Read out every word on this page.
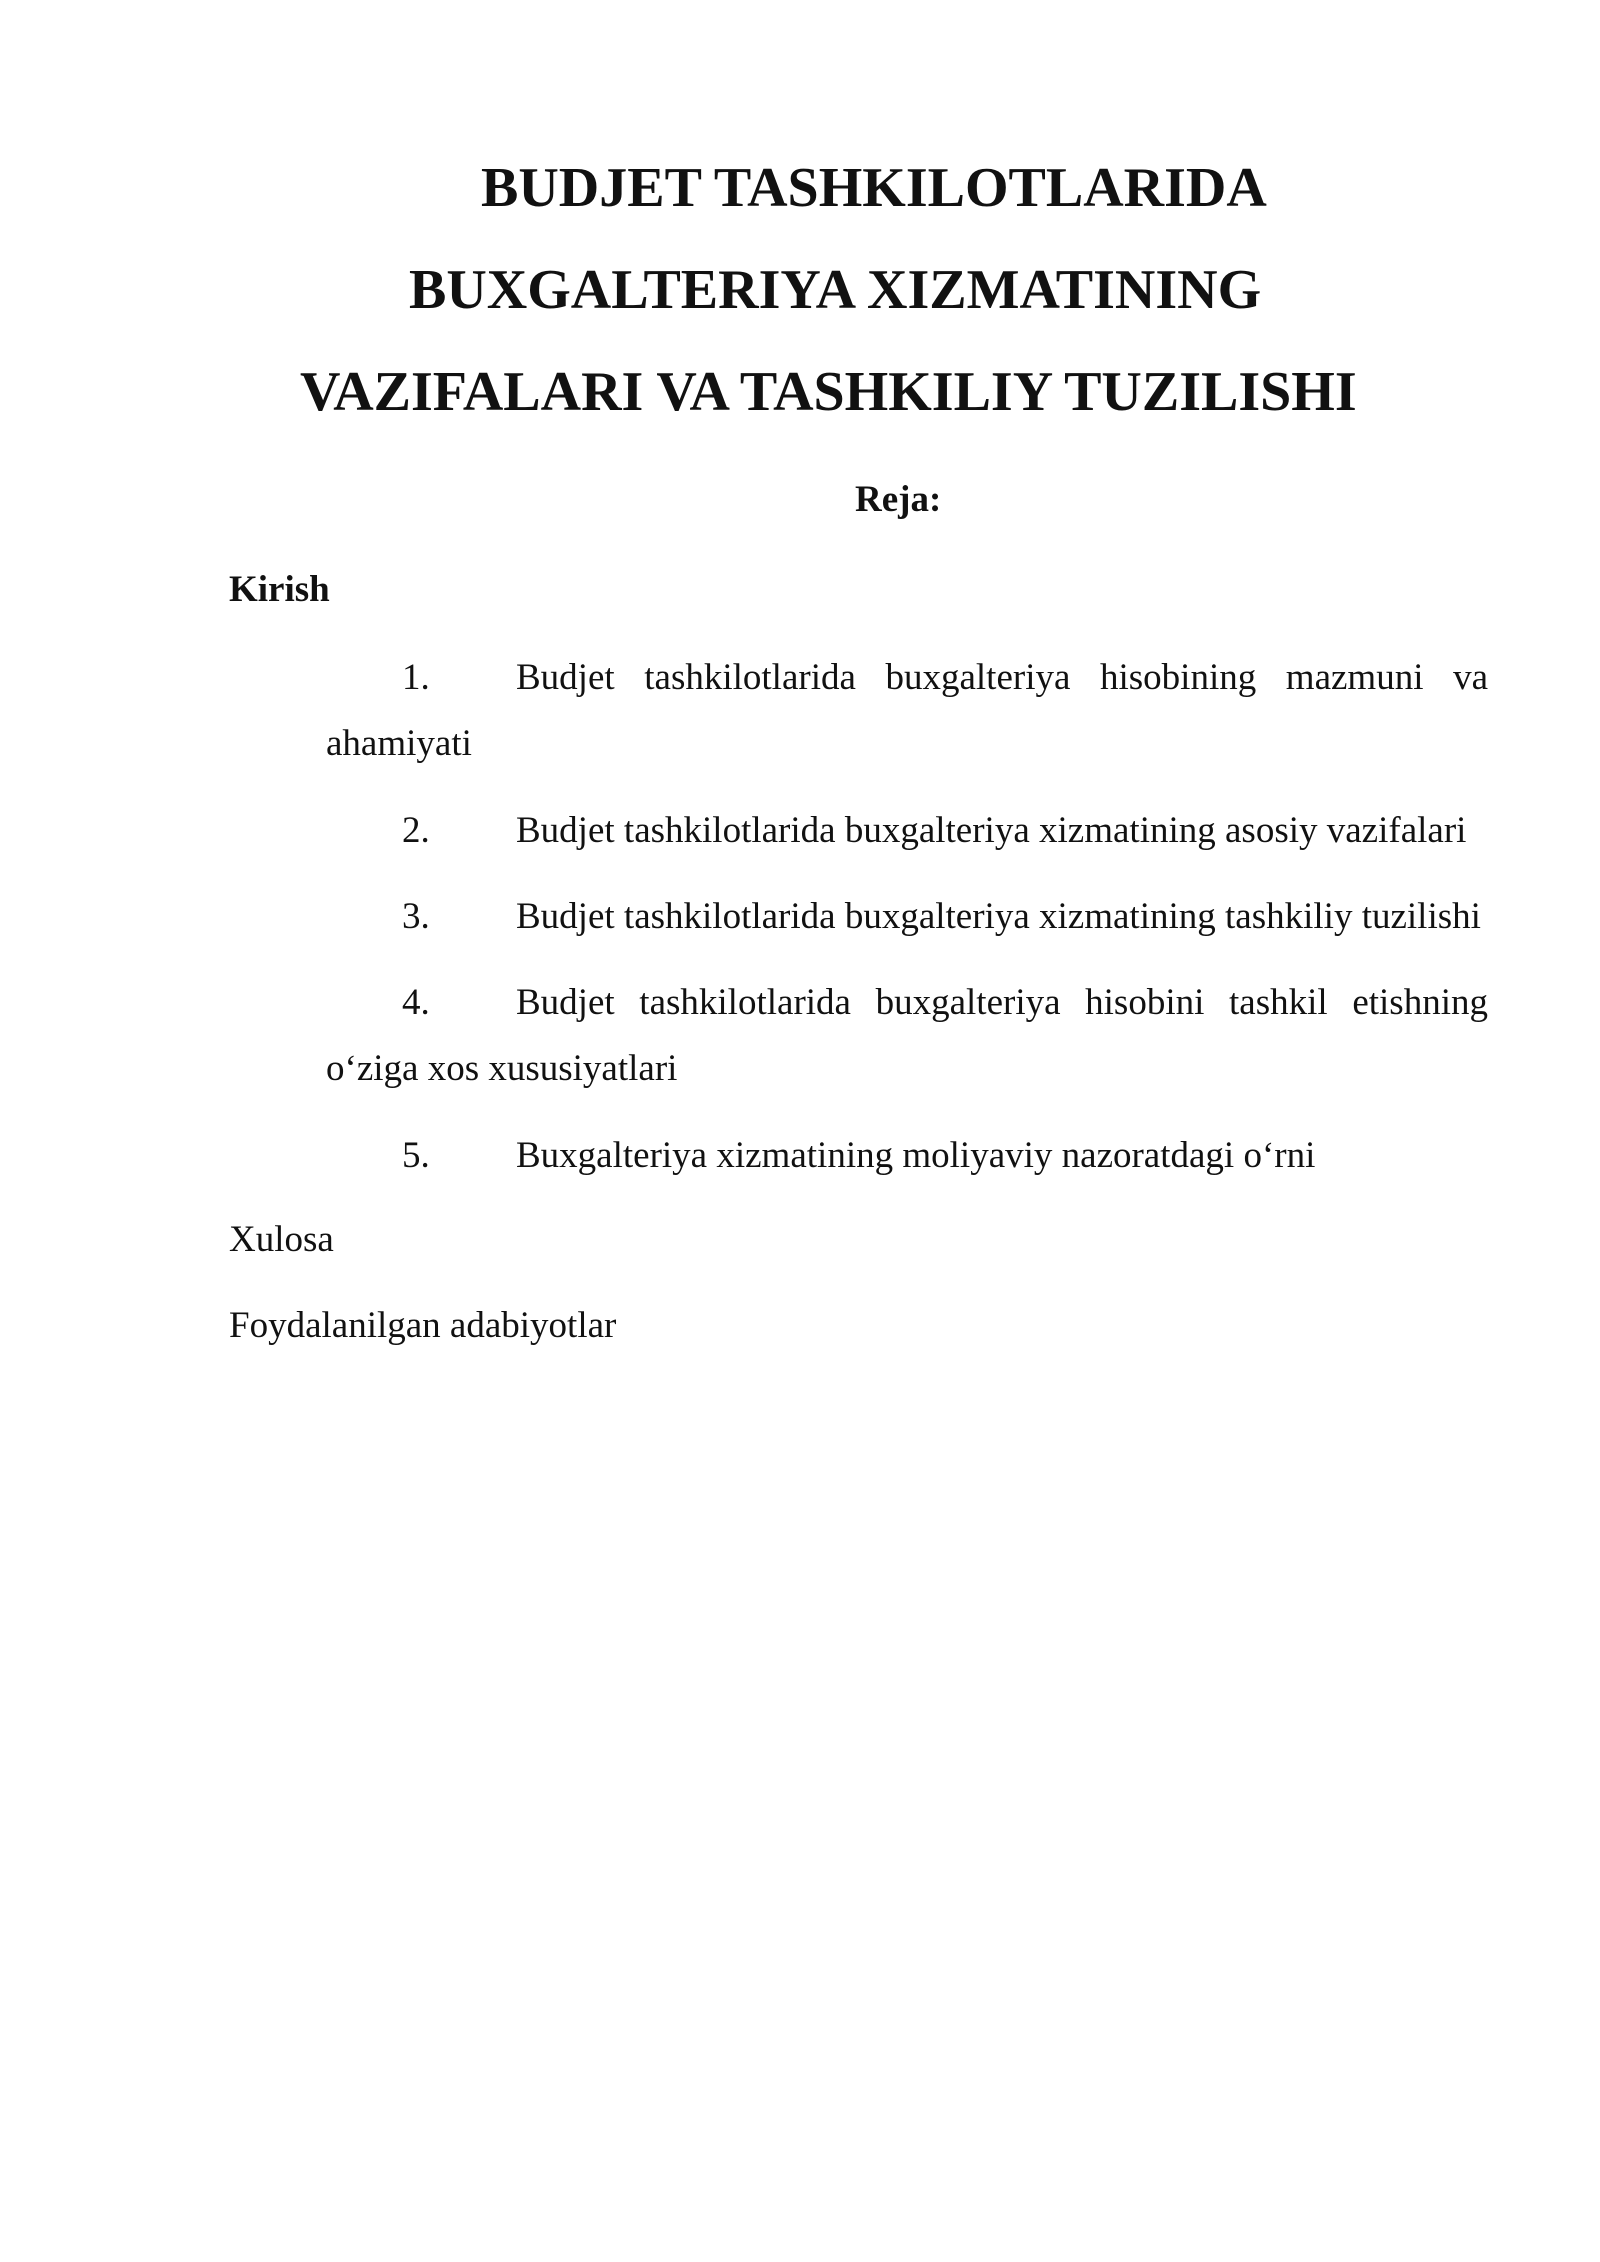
BUDJET TASHKILOTLARIDA
BUXGALTERIYA XIZMATINING
VAZIFALARI VA TASHKILIY TUZILISHI

Reja:

Kirish

1.	Budjet tashkilotlarida buxgalteriya hisobining mazmuni va
ahamiyati
2.	Budjet tashkilotlarida buxgalteriya xizmatining asosiy vazifalari
3.	Budjet tashkilotlarida buxgalteriya xizmatining tashkiliy tuzilishi
4.	Budjet tashkilotlarida buxgalteriya hisobini tashkil etishning
o‘ziga xos xususiyatlari
5.	Buxgalteriya xizmatining moliyaviy nazoratdagi o‘rni

Xulosa

Foydalanilgan adabiyotlar
